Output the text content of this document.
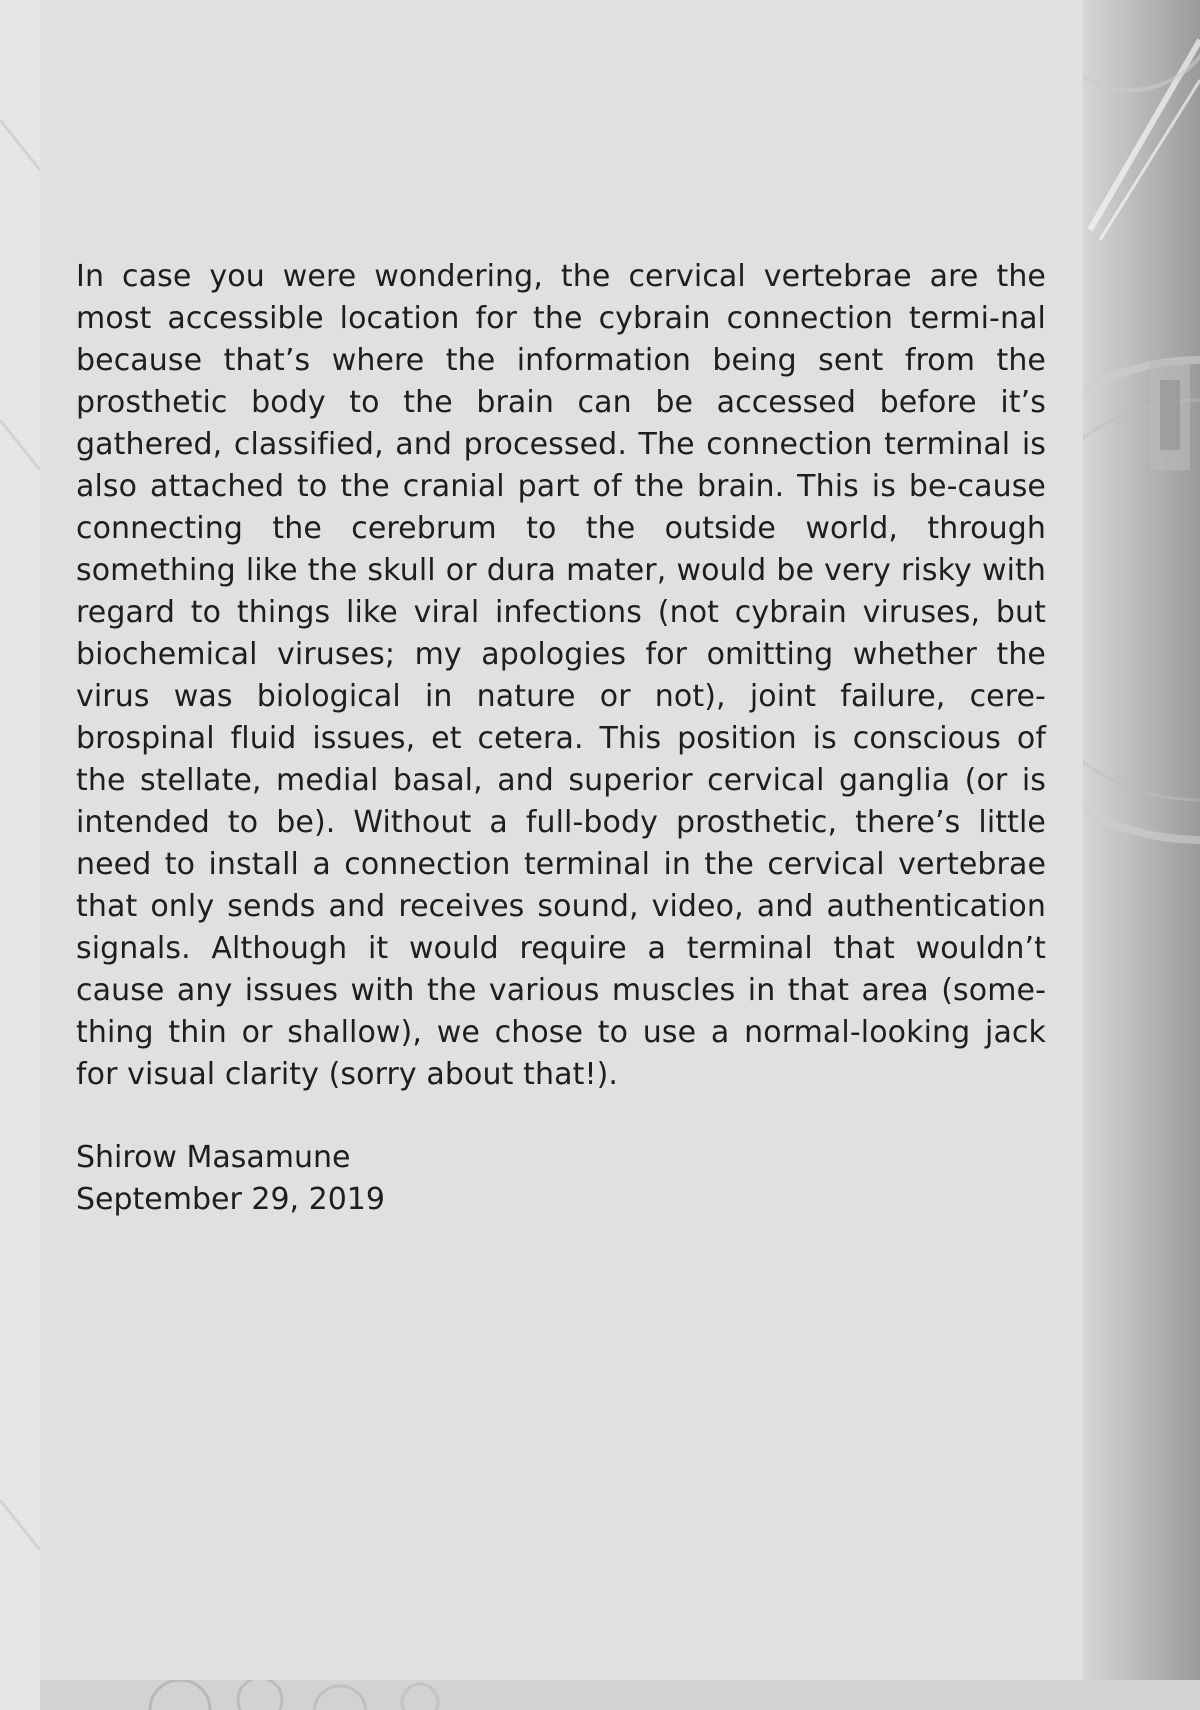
In case you were wondering, the cervical vertebrae are the most accessible location for the cybrain connection termi-nal because that’s where the information being sent from the prosthetic body to the brain can be accessed before it’s gathered, classified, and processed. The connection terminal is also attached to the cranial part of the brain. This is be-cause connecting the cerebrum to the outside world, through something like the skull or dura mater, would be very risky with regard to things like viral infections (not cybrain viruses, but biochemical viruses; my apologies for omitting whether the virus was biological in nature or not), joint failure, cere-brospinal fluid issues, et cetera. This position is conscious of the stellate, medial basal, and superior cervical ganglia (or is intended to be). Without a full-body prosthetic, there’s little need to install a connection terminal in the cervical vertebrae that only sends and receives sound, video, and authentication signals. Although it would require a terminal that wouldn’t cause any issues with the various muscles in that area (some-thing thin or shallow), we chose to use a normal-looking jack for visual clarity (sorry about that!).

Shirow Masamune
September 29, 2019
